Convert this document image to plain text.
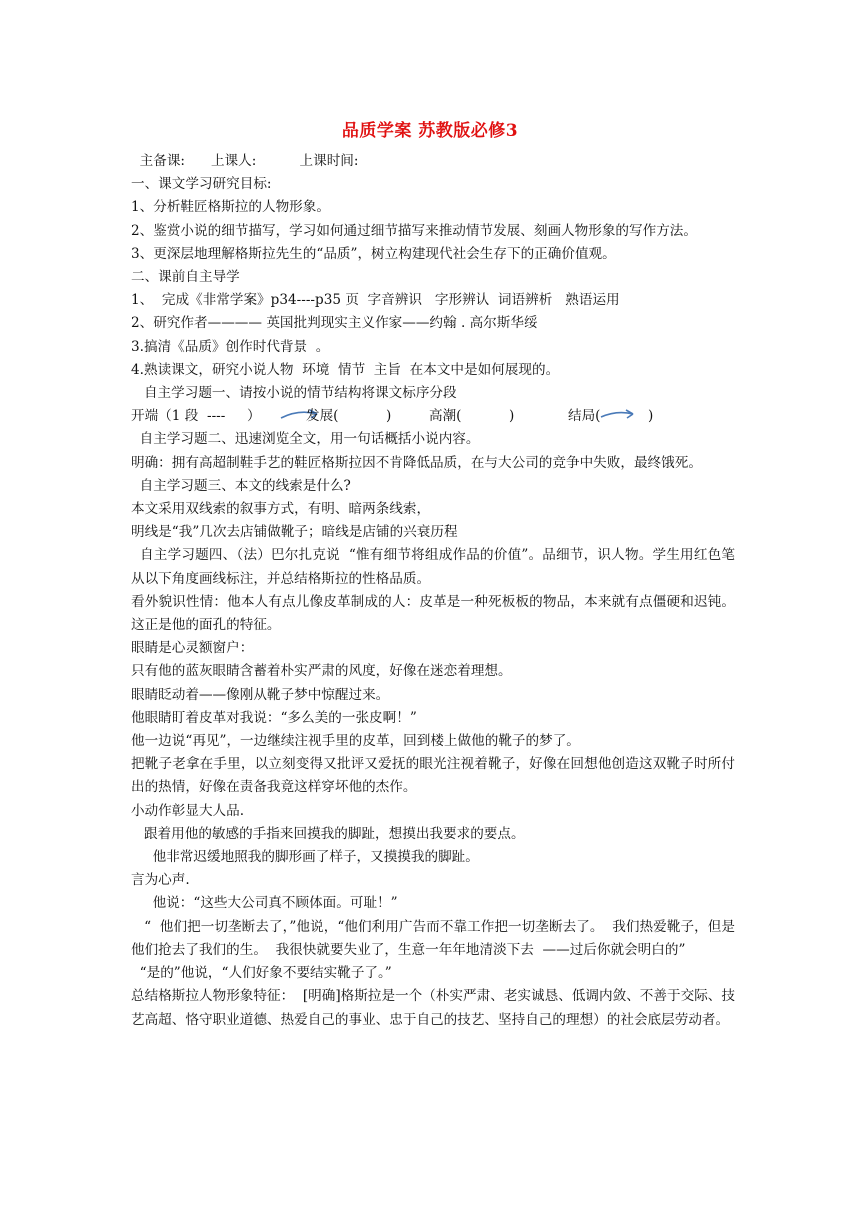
品质学案 苏教版必修3

主备课:      上课人:          上课时间:

一、课文学习研究目标:

1、分析鞋匠格斯拉的人物形象。

2、鉴赏小说的细节描写，学习如何通过细节描写来推动情节发展、刻画人物形象的写作方法。

3、更深层地理解格斯拉先生的“品质”，树立构建现代社会生存下的正确价值观。

二、课前自主导学

1、  完成《非常学案》p34----p35 页  字音辨识   字形辨认  词语辨析   熟语运用

2、研究作者———— 英国批判现实主义作家——约翰 . 高尔斯华绥

3.搞清《品质》创作时代背景  。

4.熟读课文，研究小说人物  环境  情节  主旨  在本文中是如何展现的。

自主学习题一、请按小说的情节结构将课文标序分段

开端（1 段  ----     ）

	发展(           )

	高潮(           )

	结局(           )

自主学习题二、迅速浏览全文，用一句话概括小说内容。

明确：拥有高超制鞋手艺的鞋匠格斯拉因不肯降低品质，在与大公司的竞争中失败，最终饿死。

自主学习题三、本文的线索是什么?

本文采用双线索的叙事方式，有明、暗两条线索，

明线是“我”几次去店铺做靴子；暗线是店铺的兴衰历程

自主学习题四、（法）巴尔扎克说  “惟有细节将组成作品的价值”。品细节，识人物。学生用红色笔从以下角度画线标注，并总结格斯拉的性格品质。

看外貌识性情：他本人有点儿像皮革制成的人：皮革是一种死板板的物品，本来就有点僵硬和迟钝。这正是他的面孔的特征。

眼睛是心灵额窗户：

只有他的蓝灰眼睛含蓄着朴实严肃的风度，好像在迷恋着理想。

眼睛眨动着——像刚从靴子梦中惊醒过来。

他眼睛盯着皮革对我说：“多么美的一张皮啊！”

他一边说“再见”，一边继续注视手里的皮革，回到楼上做他的靴子的梦了。

把靴子老拿在手里，以立刻变得又批评又爱抚的眼光注视着靴子，好像在回想他创造这双靴子时所付出的热情，好像在责备我竟这样穿坏他的杰作。

小动作彰显大人品.

跟着用他的敏感的手指来回摸我的脚趾，想摸出我要求的要点。

他非常迟缓地照我的脚形画了样子，又摸摸我的脚趾。

言为心声.

他说：“这些大公司真不顾体面。可耻！”

“  他们把一切垄断去了，”他说，“他们利用广告而不靠工作把一切垄断去了。  我们热爱靴子，但是他们抢去了我们的生。  我很快就要失业了，生意一年年地清淡下去  ——过后你就会明白的”

“是的”他说，“人们好象不要结实靴子了。”

总结格斯拉人物形象特征：  [明确]格斯拉是一个（朴实严肃、老实诚恳、低调内敛、不善于交际、技艺高超、恪守职业道德、热爱自己的事业、忠于自己的技艺、坚持自己的理想）的社会底层劳动者。
